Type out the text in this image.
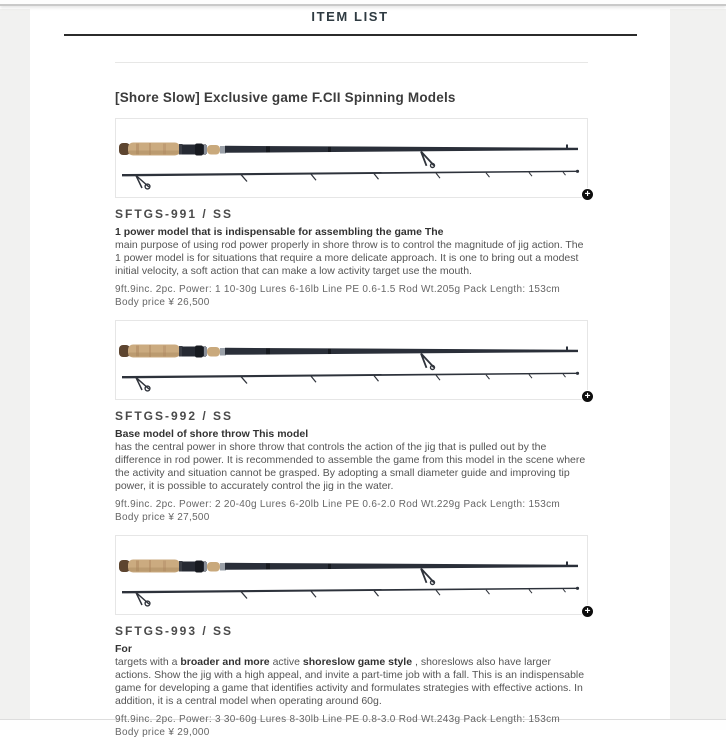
ITEM LIST
[Shore Slow] Exclusive game F.CII Spinning Models
+
SFTGS-991 / SS
1 power model that is indispensable for assembling the game The

main purpose of using rod power properly in shore throw is to control the magnitude of jig action. The 1 power model is for situations that require a more delicate approach. It is one to bring out a modest initial velocity, a soft action that can make a low activity target use the mouth.

9ft.9inc. 2pc. Power: 1 10-30g Lures 6-16lb Line PE 0.6-1.5 Rod Wt.205g Pack Length: 153cm
Body price ¥ 26,500
+
SFTGS-992 / SS
Base model of shore throw This model

has the central power in shore throw that controls the action of the jig that is pulled out by the difference in rod power. It is recommended to assemble the game from this model in the scene where the activity and situation cannot be grasped. By adopting a small diameter guide and improving tip power, it is possible to accurately control the jig in the water.

9ft.9inc. 2pc. Power: 2 20-40g Lures 6-20lb Line PE 0.6-2.0 Rod Wt.229g Pack Length: 153cm
Body price ¥ 27,500
+
SFTGS-993 / SS
For

targets with a broader and more active shoreslow game style , shoreslows also have larger actions. Show the jig with a high appeal, and invite a part-time job with a fall. This is an indispensable game for developing a game that identifies activity and formulates strategies with effective actions. In addition, it is a central model when operating around 60g.

9ft.9inc. 2pc. Power: 3 30-60g Lures 8-30lb Line PE 0.8-3.0 Rod Wt.243g Pack Length: 153cm
Body price ¥ 29,000
